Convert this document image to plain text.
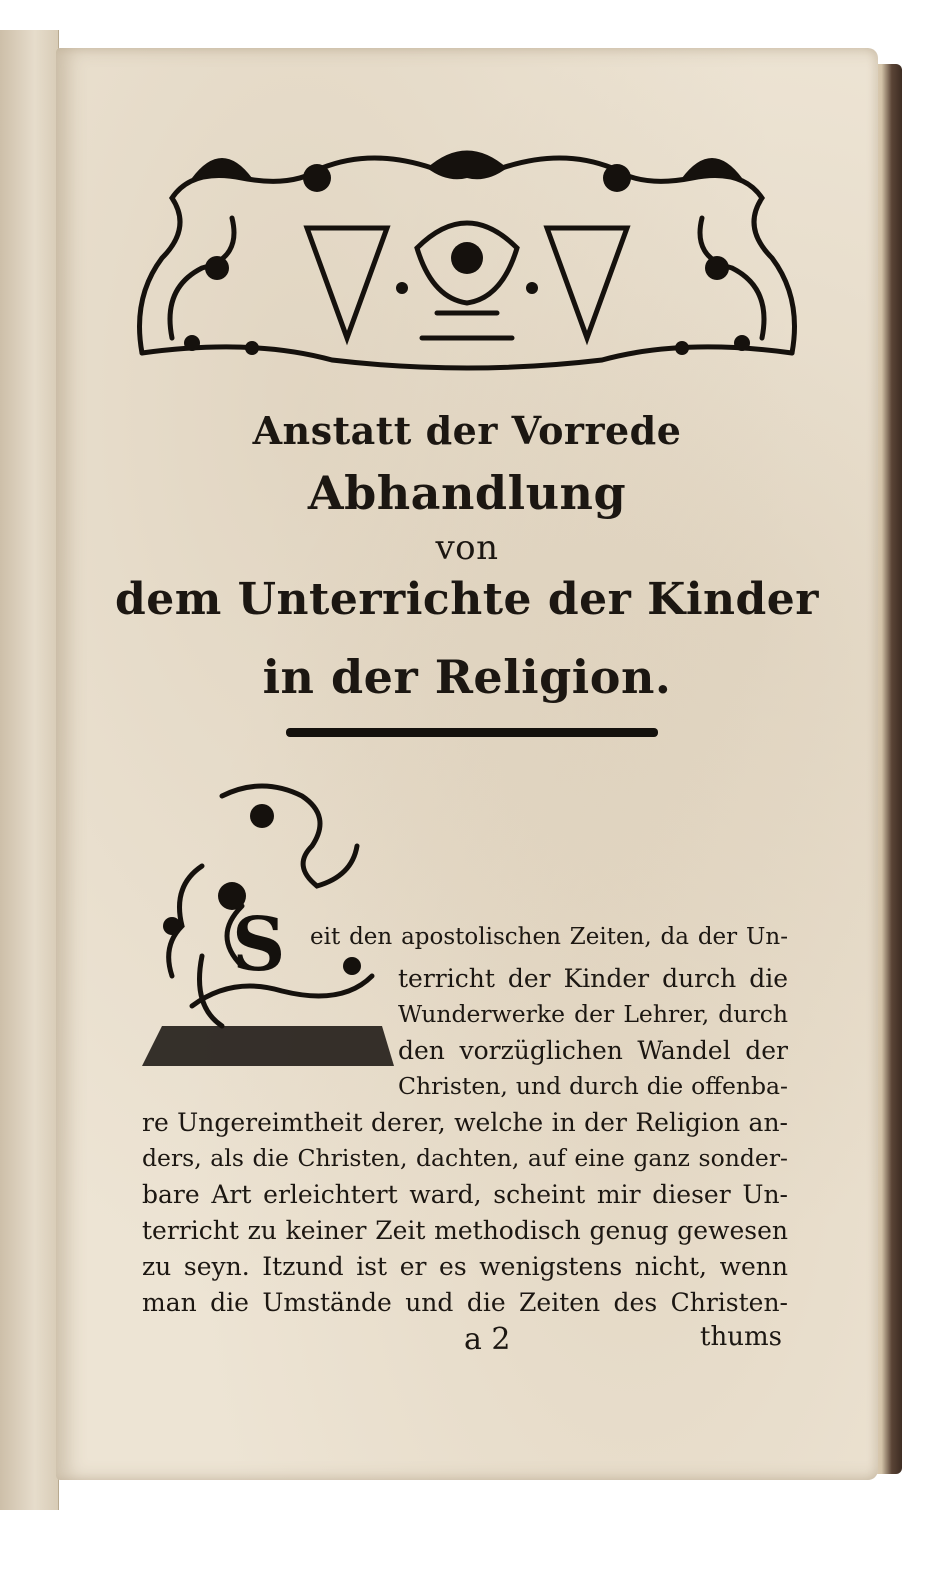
Anstatt der Vorrede
Abhandlung
von
dem Unterrichte der Kinder
in der Religion.
S eit den apostolischen Zeiten, da der Un-
terricht der Kinder durch die
Wunderwerke der Lehrer, durch
den vorzüglichen Wandel der
Christen, und durch die offenba-
re Ungereimtheit derer, welche in der Religion an-
ders, als die Christen, dachten, auf eine ganz sonder-
bare Art erleichtert ward, scheint mir dieser Un-
terricht zu keiner Zeit methodisch genug gewesen
zu seyn. Itzund ist er es wenigstens nicht, wenn
man die Umstände und die Zeiten des Christen-
a 2	thums
